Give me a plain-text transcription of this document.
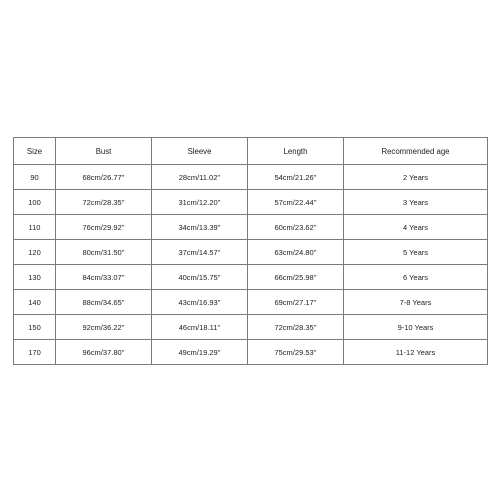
Size	Bust	Sleeve	Length	Recommended age
90	68cm/26.77''	28cm/11.02''	54cm/21.26''	2 Years
100	72cm/28.35''	31cm/12.20''	57cm/22.44''	3 Years
110	76cm/29.92''	34cm/13.39''	60cm/23.62''	4 Years
120	80cm/31.50''	37cm/14.57''	63cm/24.80''	5 Years
130	84cm/33.07''	40cm/15.75''	66cm/25.98''	6 Years
140	88cm/34.65''	43cm/16.93''	69cm/27.17''	7-8 Years
150	92cm/36.22''	46cm/18.11''	72cm/28.35''	9-10 Years
170	96cm/37.80''	49cm/19.29''	75cm/29.53''	11-12 Years
